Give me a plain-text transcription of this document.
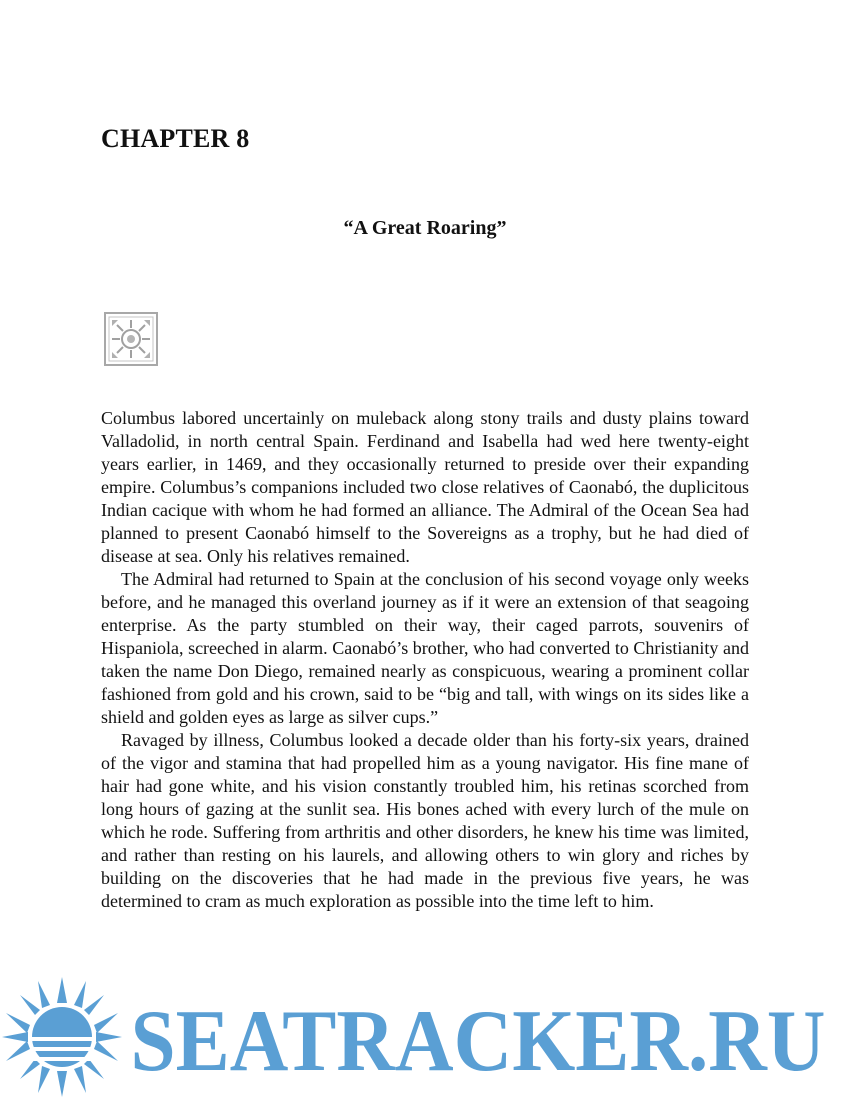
CHAPTER 8
“A Great Roaring”

Columbus labored uncertainly on muleback along stony trails and dusty plains toward Valladolid, in north central Spain. Ferdinand and Isabella had wed here twenty-eight years earlier, in 1469, and they occasionally returned to preside over their expanding empire. Columbus’s companions included two close relatives of Caonabó, the duplicitous Indian cacique with whom he had formed an alliance. The Admiral of the Ocean Sea had planned to present Caonabó himself to the Sovereigns as a trophy, but he had died of disease at sea. Only his relatives remained.

The Admiral had returned to Spain at the conclusion of his second voyage only weeks before, and he managed this overland journey as if it were an extension of that seagoing enterprise. As the party stumbled on their way, their caged parrots, souvenirs of Hispaniola, screeched in alarm. Caonabó’s brother, who had converted to Christianity and taken the name Don Diego, remained nearly as conspicuous, wearing a prominent collar fashioned from gold and his crown, said to be “big and tall, with wings on its sides like a shield and golden eyes as large as silver cups.”

Ravaged by illness, Columbus looked a decade older than his forty-six years, drained of the vigor and stamina that had propelled him as a young navigator. His fine mane of hair had gone white, and his vision constantly troubled him, his retinas scorched from long hours of gazing at the sunlit sea. His bones ached with every lurch of the mule on which he rode. Suffering from arthritis and other disorders, he knew his time was limited, and rather than resting on his laurels, and allowing others to win glory and riches by building on the discoveries that he had made in the previous five years, he was determined to cram as much exploration as possible into the time left to him.

SEATRACKER.RU
